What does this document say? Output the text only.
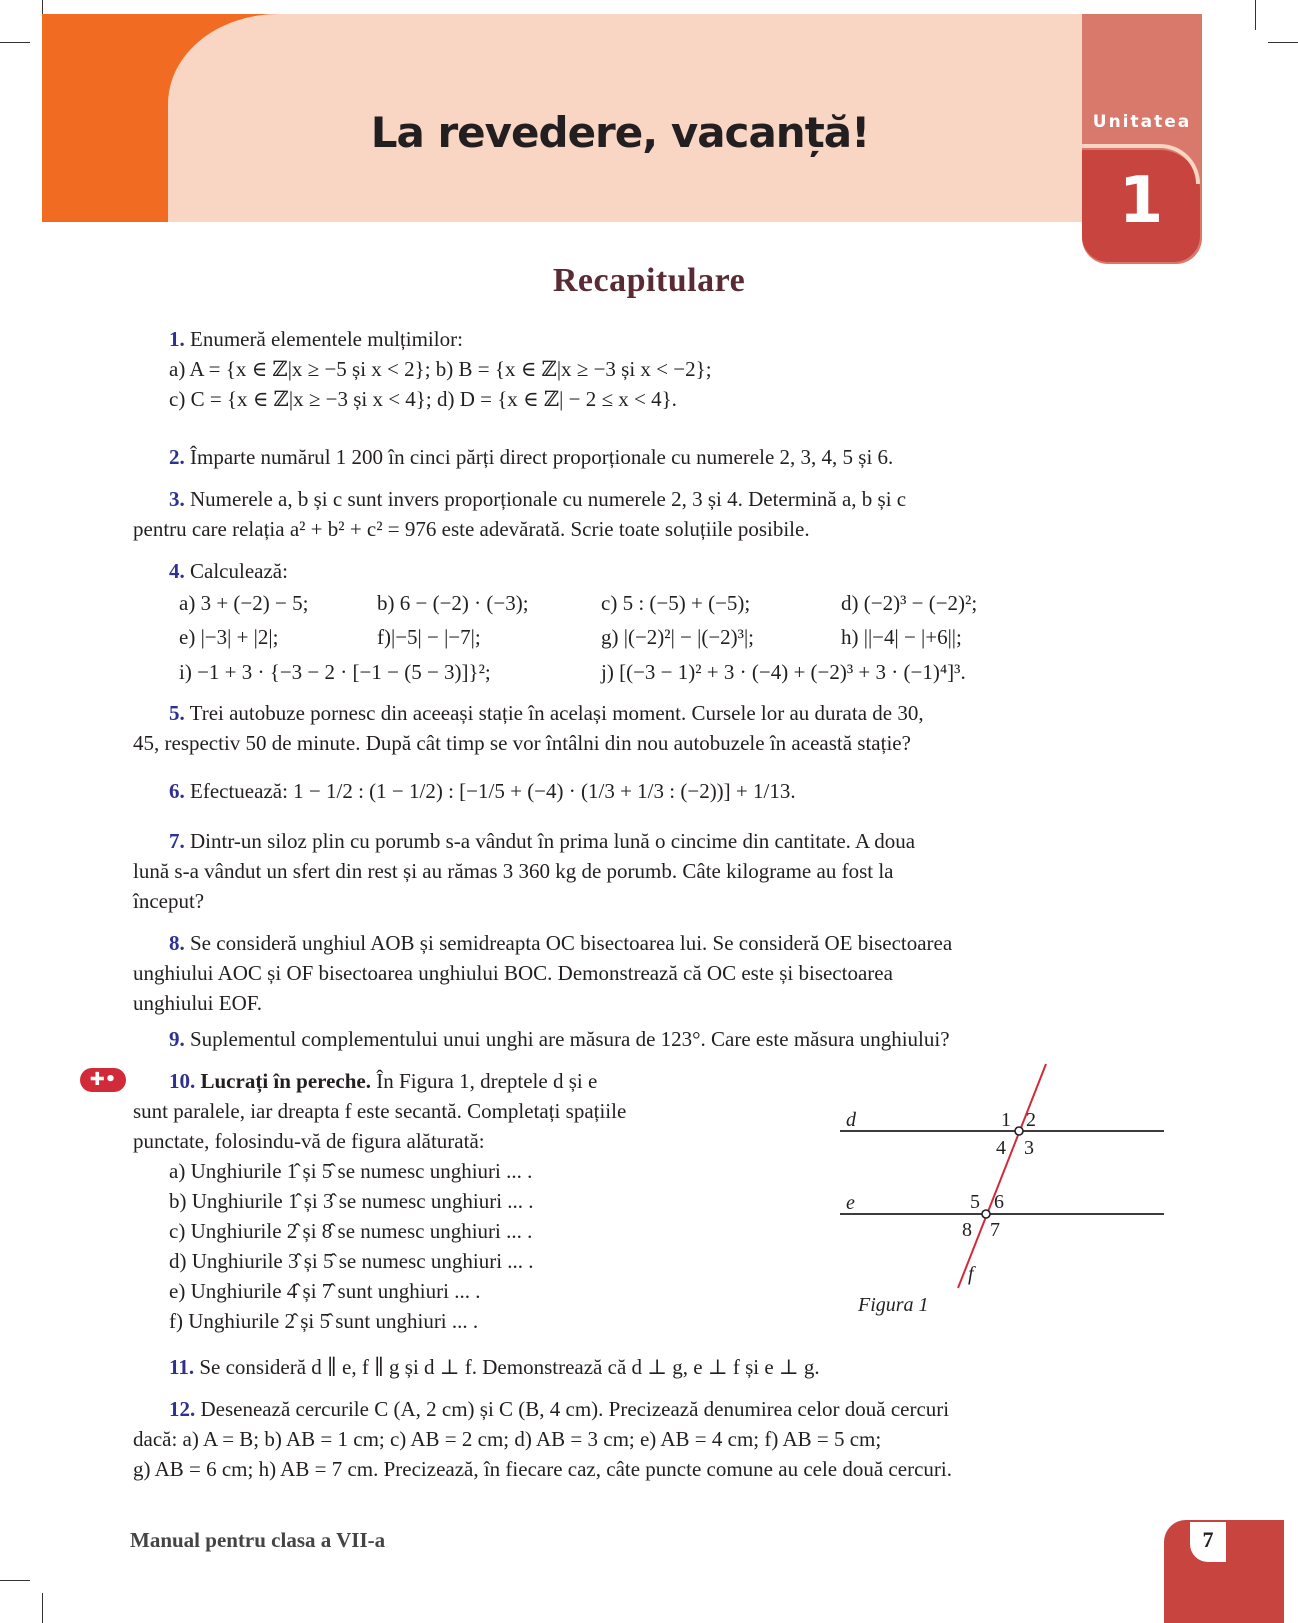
La revedere, vacanță!	Unitatea
1
Recapitulare
1. Enumeră elementele mulțimilor:
a) A = {x ∈ ℤ|x ≥ −5 și x < 2}; b) B = {x ∈ ℤ|x ≥ −3 și x < −2};
c) C = {x ∈ ℤ|x ≥ −3 și x < 4}; d) D = {x ∈ ℤ| − 2 ≤ x < 4}.
2. Împarte numărul 1 200 în cinci părți direct proporționale cu numerele 2, 3, 4, 5 și 6.
3. Numerele a, b și c sunt invers proporționale cu numerele 2, 3 și 4. Determină a, b și c
pentru care relația a² + b² + c² = 976 este adevărată. Scrie toate soluțiile posibile.
4. Calculează:
a) 3 + (−2) − 5;	b) 6 − (−2) · (−3);	c) 5 : (−5) + (−5);	d) (−2)³ − (−2)²;
e) |−3| + |2|;	f)|−5| − |−7|;	g) |(−2)²| − |(−2)³|;	h) ||−4| − |+6||;
i) −1 + 3 · {−3 − 2 · [−1 − (5 − 3)]}²;	j) [(−3 − 1)² + 3 · (−4) + (−2)³ + 3 · (−1)⁴]³.
5. Trei autobuze pornesc din aceeași stație în același moment. Cursele lor au durata de 30,
45, respectiv 50 de minute. După cât timp se vor întâlni din nou autobuzele în această stație?
6. Efectuează: 1 − 1/2 : (1 − 1/2) : [−1/5 + (−4) · (1/3 + 1/3 : (−2))] + 1/13.
7. Dintr-un siloz plin cu porumb s-a vândut în prima lună o cincime din cantitate. A doua
lună s-a vândut un sfert din rest și au rămas 3 360 kg de porumb. Câte kilograme au fost la
început?
8. Se consideră unghiul AOB și semidreapta OC bisectoarea lui. Se consideră OE bisectoarea
unghiului AOC și OF bisectoarea unghiului BOC. Demonstrează că OC este și bisectoarea
unghiului EOF.
9. Suplementul complementului unui unghi are măsura de 123°. Care este măsura unghiului?
✚•	10. Lucrați în pereche. În Figura 1, dreptele d și e
sunt paralele, iar dreapta f este secantă. Completați spațiile
punctate, folosindu-vă de figura alăturată:
a) Unghiurile 1̂ și 5̂ se numesc unghiuri ... .
b) Unghiurile 1̂ și 3̂ se numesc unghiuri ... .
c) Unghiurile 2̂ și 8̂ se numesc unghiuri ... .
d) Unghiurile 3̂ și 5̂ se numesc unghiuri ... .
e) Unghiurile 4̂ și 7̂ sunt unghiuri ... .
f) Unghiurile 2̂ și 5̂ sunt unghiuri ... .
d
e
f
1 2
3
4
5 6
7
8
Figura 1
11. Se consideră d ∥ e, f ∥ g și d ⊥ f. Demonstrează că d ⊥ g, e ⊥ f și e ⊥ g.
12. Desenează cercurile C (A, 2 cm) și C (B, 4 cm). Precizează denumirea celor două cercuri
dacă: a) A = B; b) AB = 1 cm; c) AB = 2 cm; d) AB = 3 cm; e) AB = 4 cm; f) AB = 5 cm;
g) AB = 6 cm; h) AB = 7 cm. Precizează, în fiecare caz, câte puncte comune au cele două cercuri.
Manual pentru clasa a VII-a	7
